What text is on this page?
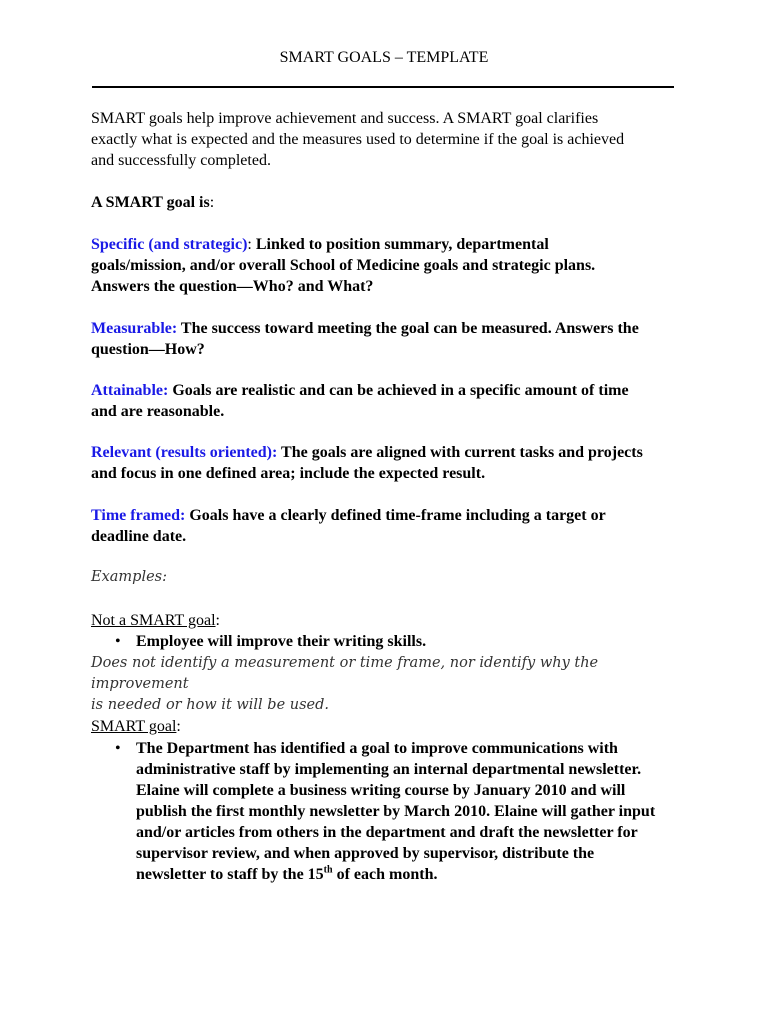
SMART GOALS – TEMPLATE

SMART goals help improve achievement and success. A SMART goal clarifies
exactly what is expected and the measures used to determine if the goal is achieved
and successfully completed.

A SMART goal is:

Specific (and strategic): Linked to position summary, departmental
goals/mission, and/or overall School of Medicine goals and strategic plans.
Answers the question—Who? and What?

Measurable: The success toward meeting the goal can be measured. Answers the
question—How?

Attainable: Goals are realistic and can be achieved in a specific amount of time
and are reasonable.

Relevant (results oriented): The goals are aligned with current tasks and projects
and focus in one defined area; include the expected result.

Time framed: Goals have a clearly defined time-frame including a target or
deadline date.

Examples:

Not a SMART goal:

• Employee will improve their writing skills.

Does not identify a measurement or time frame, nor identify why the improvement
is needed or how it will be used.

SMART goal:

• The Department has identified a goal to improve communications with
administrative staff by implementing an internal departmental newsletter.
Elaine will complete a business writing course by January 2010 and will
publish the first monthly newsletter by March 2010. Elaine will gather input
and/or articles from others in the department and draft the newsletter for
supervisor review, and when approved by supervisor, distribute the
newsletter to staff by the 15th of each month.
